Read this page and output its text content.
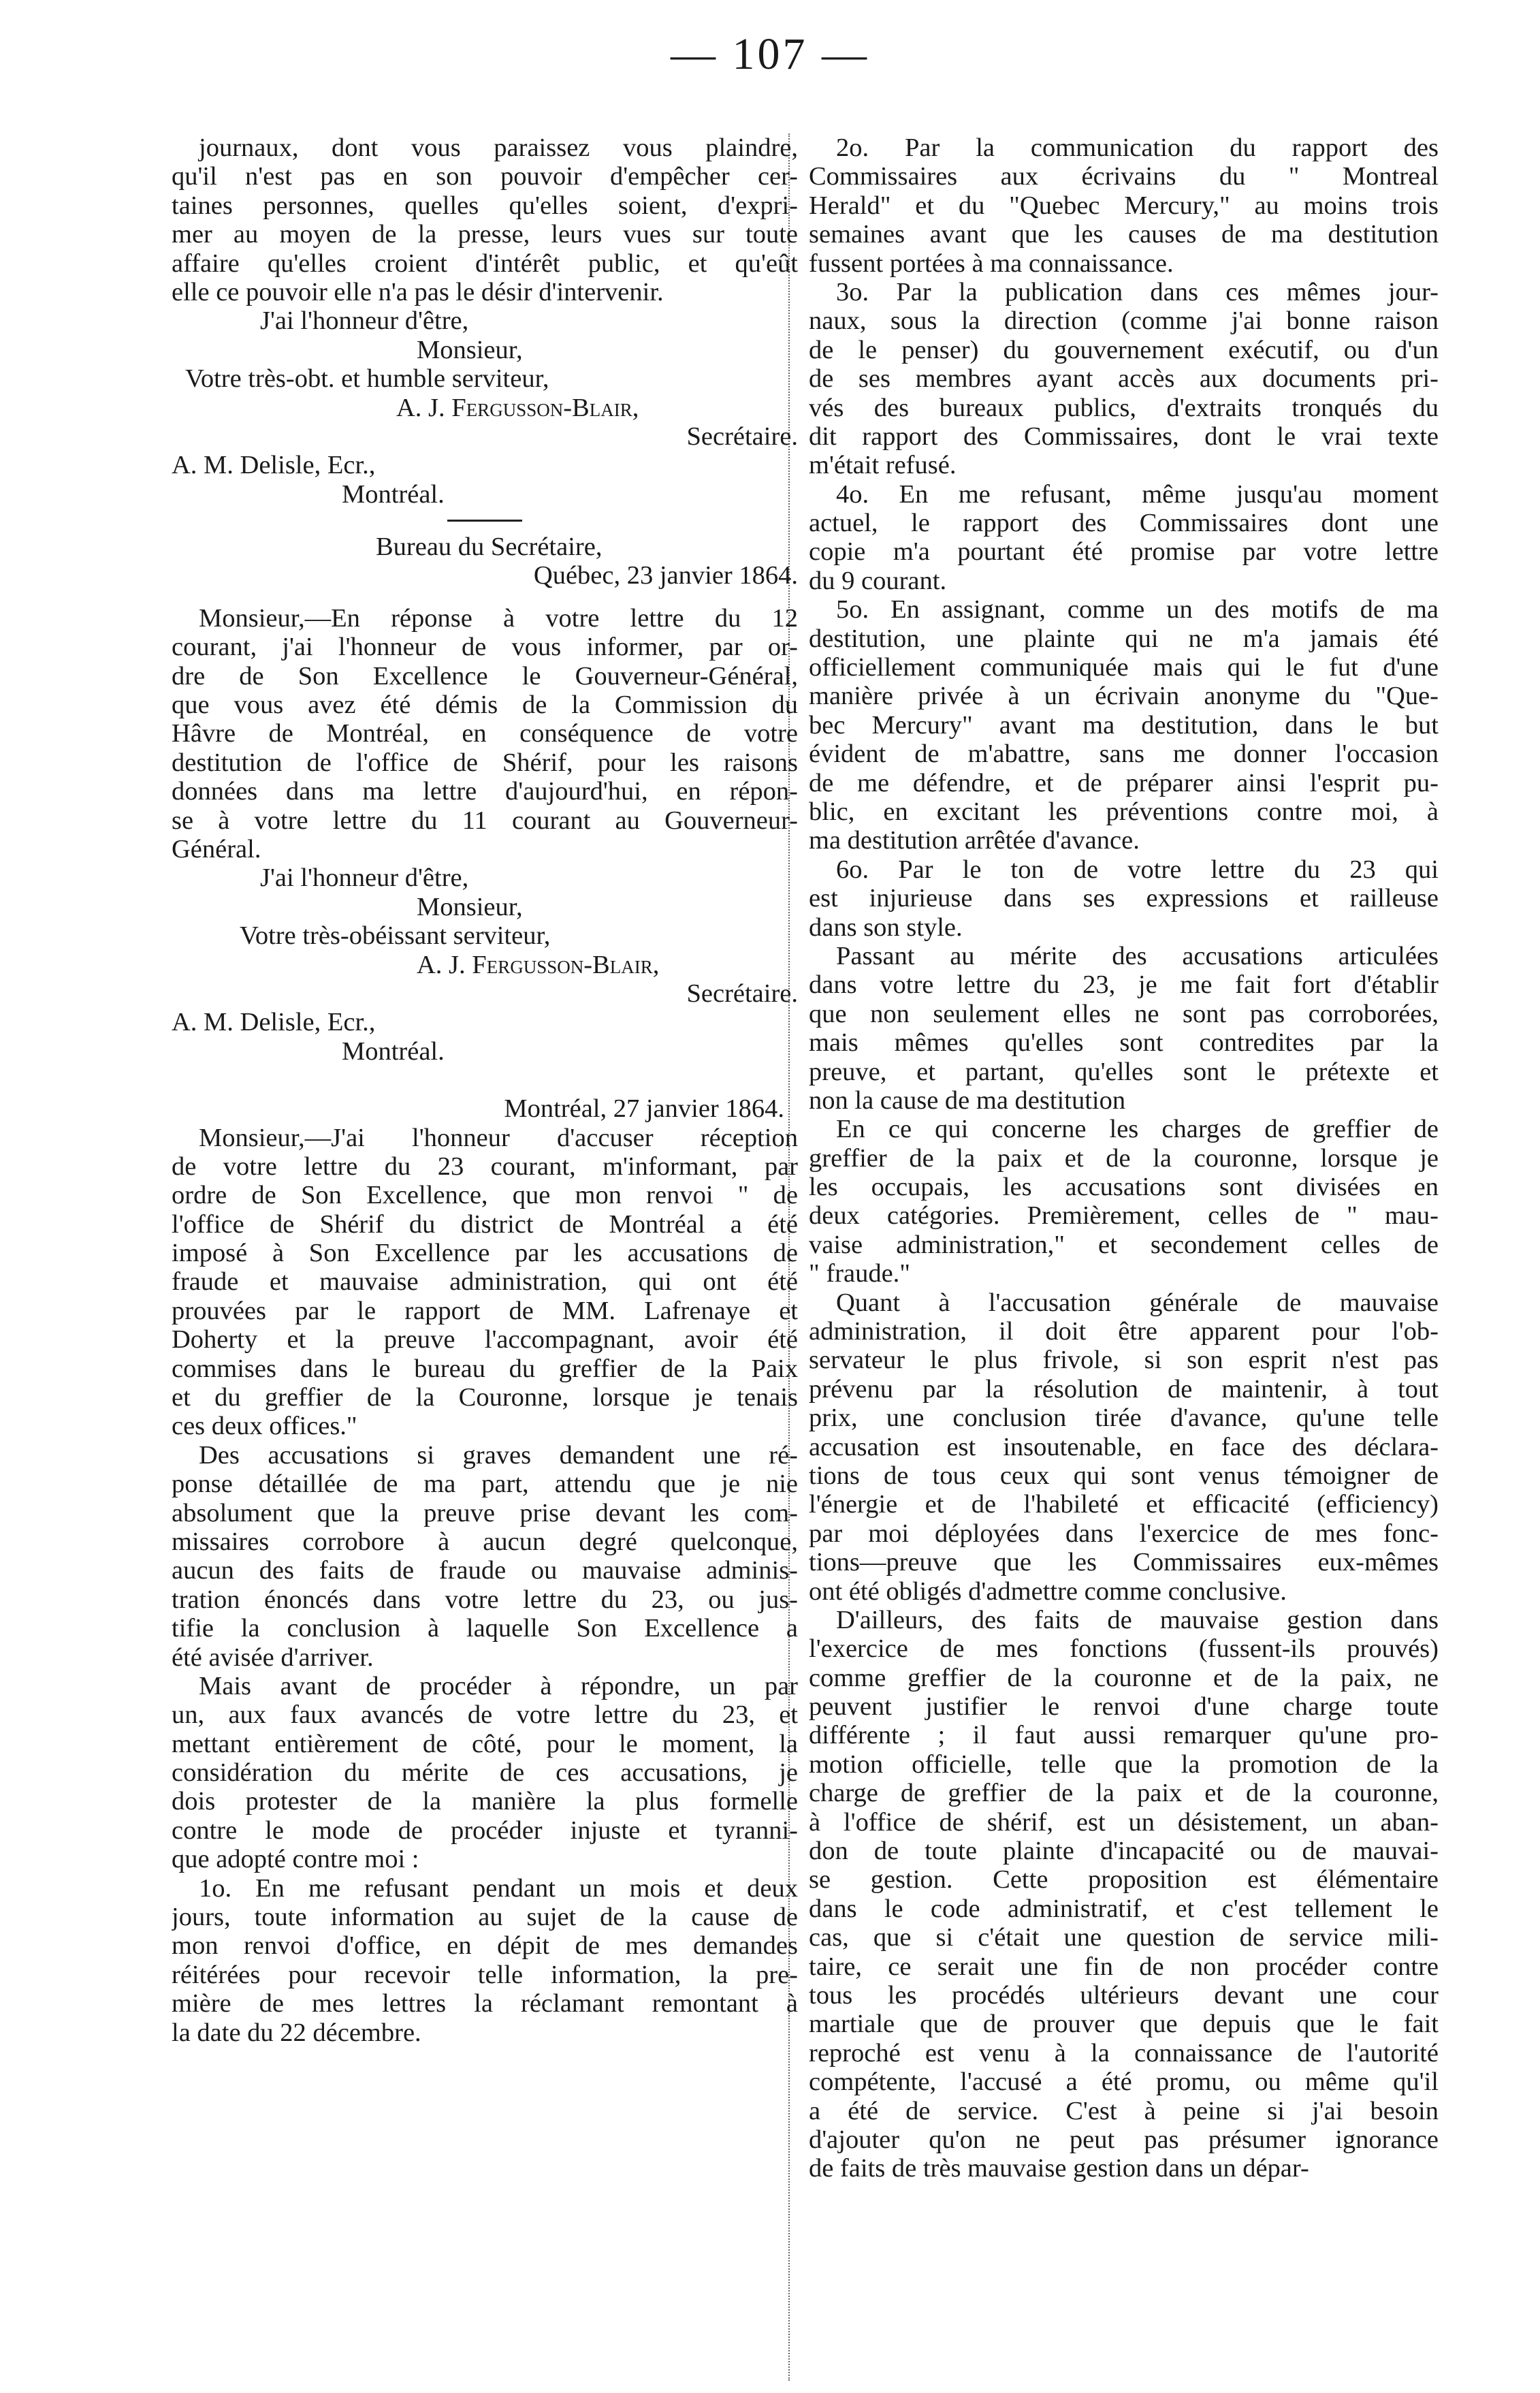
— 107 —
journaux, dont vous paraissez vous plaindre,
qu'il n'est pas en son pouvoir d'empêcher cer-
taines personnes, quelles qu'elles soient, d'expri-
mer au moyen de la presse, leurs vues sur toute
affaire qu'elles croient d'intérêt public, et qu'eût
elle ce pouvoir elle n'a pas le désir d'intervenir.
J'ai l'honneur d'être,
Monsieur,
Votre très-obt. et humble serviteur,
A. J. Fergusson-Blair,
Secrétaire.
A. M. Delisle, Ecr.,
Montréal.
Bureau du Secrétaire,
Québec, 23 janvier 1864.
Monsieur,—En réponse à votre lettre du 12
courant, j'ai l'honneur de vous informer, par or-
dre de Son Excellence le Gouverneur-Général,
que vous avez été démis de la Commission du
Hâvre de Montréal, en conséquence de votre
destitution de l'office de Shérif, pour les raisons
données dans ma lettre d'aujourd'hui, en répon-
se à votre lettre du 11 courant au Gouverneur-
Général.
J'ai l'honneur d'être,
Monsieur,
Votre très-obéissant serviteur,
A. J. Fergusson-Blair,
Secrétaire.
A. M. Delisle, Ecr.,
Montréal.
Montréal, 27 janvier 1864.
Monsieur,—J'ai l'honneur d'accuser réception
de votre lettre du 23 courant, m'informant, par
ordre de Son Excellence, que mon renvoi " de
l'office de Shérif du district de Montréal a été
imposé à Son Excellence par les accusations de
fraude et mauvaise administration, qui ont été
prouvées par le rapport de MM. Lafrenaye et
Doherty et la preuve l'accompagnant, avoir été
commises dans le bureau du greffier de la Paix
et du greffier de la Couronne, lorsque je tenais
ces deux offices."
Des accusations si graves demandent une ré-
ponse détaillée de ma part, attendu que je nie
absolument que la preuve prise devant les com-
missaires corrobore à aucun degré quelconque,
aucun des faits de fraude ou mauvaise adminis-
tration énoncés dans votre lettre du 23, ou jus-
tifie la conclusion à laquelle Son Excellence a
été avisée d'arriver.
Mais avant de procéder à répondre, un par
un, aux faux avancés de votre lettre du 23, et
mettant entièrement de côté, pour le moment, la
considération du mérite de ces accusations, je
dois protester de la manière la plus formelle
contre le mode de procéder injuste et tyranni-
que adopté contre moi :
1o. En me refusant pendant un mois et deux
jours, toute information au sujet de la cause de
mon renvoi d'office, en dépit de mes demandes
réitérées pour recevoir telle information, la pre-
mière de mes lettres la réclamant remontant à
la date du 22 décembre.
2o. Par la communication du rapport des
Commissaires aux écrivains du " Montreal
Herald" et du "Quebec Mercury," au moins trois
semaines avant que les causes de ma destitution
fussent portées à ma connaissance.
3o. Par la publication dans ces mêmes jour-
naux, sous la direction (comme j'ai bonne raison
de le penser) du gouvernement exécutif, ou d'un
de ses membres ayant accès aux documents pri-
vés des bureaux publics, d'extraits tronqués du
dit rapport des Commissaires, dont le vrai texte
m'était refusé.
4o. En me refusant, même jusqu'au moment
actuel, le rapport des Commissaires dont une
copie m'a pourtant été promise par votre lettre
du 9 courant.
5o. En assignant, comme un des motifs de ma
destitution, une plainte qui ne m'a jamais été
officiellement communiquée mais qui le fut d'une
manière privée à un écrivain anonyme du "Que-
bec Mercury" avant ma destitution, dans le but
évident de m'abattre, sans me donner l'occasion
de me défendre, et de préparer ainsi l'esprit pu-
blic, en excitant les préventions contre moi, à
ma destitution arrêtée d'avance.
6o. Par le ton de votre lettre du 23 qui
est injurieuse dans ses expressions et railleuse
dans son style.
Passant au mérite des accusations articulées
dans votre lettre du 23, je me fait fort d'établir
que non seulement elles ne sont pas corroborées,
mais mêmes qu'elles sont contredites par la
preuve, et partant, qu'elles sont le prétexte et
non la cause de ma destitution
En ce qui concerne les charges de greffier de
greffier de la paix et de la couronne, lorsque je
les occupais, les accusations sont divisées en
deux catégories. Premièrement, celles de " mau-
vaise administration," et secondement celles de
" fraude."
Quant à l'accusation générale de mauvaise
administration, il doit être apparent pour l'ob-
servateur le plus frivole, si son esprit n'est pas
prévenu par la résolution de maintenir, à tout
prix, une conclusion tirée d'avance, qu'une telle
accusation est insoutenable, en face des déclara-
tions de tous ceux qui sont venus témoigner de
l'énergie et de l'habileté et efficacité (efficiency)
par moi déployées dans l'exercice de mes fonc-
tions—preuve que les Commissaires eux-mêmes
ont été obligés d'admettre comme conclusive.
D'ailleurs, des faits de mauvaise gestion dans
l'exercice de mes fonctions (fussent-ils prouvés)
comme greffier de la couronne et de la paix, ne
peuvent justifier le renvoi d'une charge toute
différente ; il faut aussi remarquer qu'une pro-
motion officielle, telle que la promotion de la
charge de greffier de la paix et de la couronne,
à l'office de shérif, est un désistement, un aban-
don de toute plainte d'incapacité ou de mauvai-
se gestion. Cette proposition est élémentaire
dans le code administratif, et c'est tellement le
cas, que si c'était une question de service mili-
taire, ce serait une fin de non procéder contre
tous les procédés ultérieurs devant une cour
martiale que de prouver que depuis que le fait
reproché est venu à la connaissance de l'autorité
compétente, l'accusé a été promu, ou même qu'il
a été de service. C'est à peine si j'ai besoin
d'ajouter qu'on ne peut pas présumer ignorance
de faits de très mauvaise gestion dans un dépar-
